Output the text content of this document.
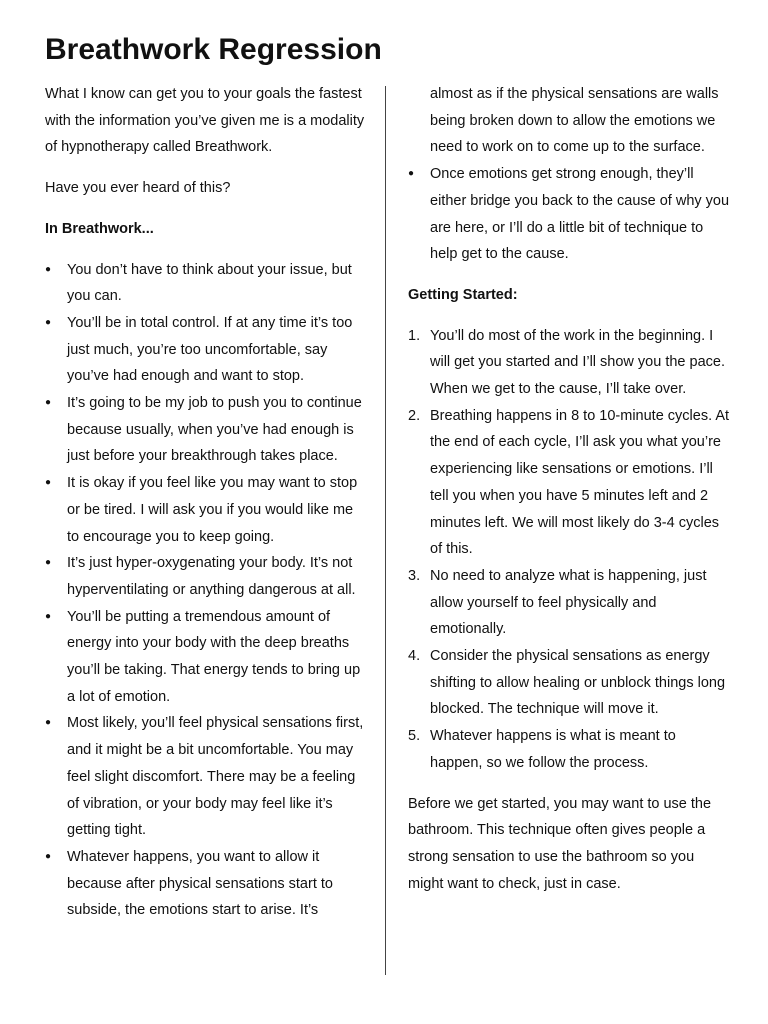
Breathwork Regression

What I know can get you to your goals the fastest with the information you’ve given me is a modality of hypnotherapy called Breathwork.

Have you ever heard of this?

In Breathwork...

●	You don’t have to think about your issue, but you can.
●	You’ll be in total control. If at any time it’s too just much, you’re too uncomfortable, say you’ve had enough and want to stop.
●	It’s going to be my job to push you to continue because usually, when you’ve had enough is just before your breakthrough takes place.
●	It is okay if you feel like you may want to stop or be tired. I will ask you if you would like me to encourage you to keep going.
●	It’s just hyper-oxygenating your body. It’s not hyperventilating or anything dangerous at all.
●	You’ll be putting a tremendous amount of energy into your body with the deep breaths you’ll be taking. That energy tends to bring up a lot of emotion.
●	Most likely, you’ll feel physical sensations first, and it might be a bit uncomfortable. You may feel slight discomfort. There may be a feeling of vibration, or your body may feel like it’s getting tight.
●	Whatever happens, you want to allow it because after physical sensations start to subside, the emotions start to arise. It’s

almost as if the physical sensations are walls being broken down to allow the emotions we need to work on to come up to the surface.

●	Once emotions get strong enough, they’ll either bridge you back to the cause of why you are here, or I’ll do a little bit of technique to help get to the cause.

Getting Started:

1. You’ll do most of the work in the beginning. I will get you started and I’ll show you the pace. When we get to the cause, I’ll take over.
2. Breathing happens in 8 to 10-minute cycles. At the end of each cycle, I’ll ask you what you’re experiencing like sensations or emotions. I’ll tell you when you have 5 minutes left and 2 minutes left. We will most likely do 3-4 cycles of this.
3. No need to analyze what is happening, just allow yourself to feel physically and emotionally.
4. Consider the physical sensations as energy shifting to allow healing or unblock things long blocked. The technique will move it.
5. Whatever happens is what is meant to happen, so we follow the process.

Before we get started, you may want to use the bathroom. This technique often gives people a strong sensation to use the bathroom so you might want to check, just in case.
